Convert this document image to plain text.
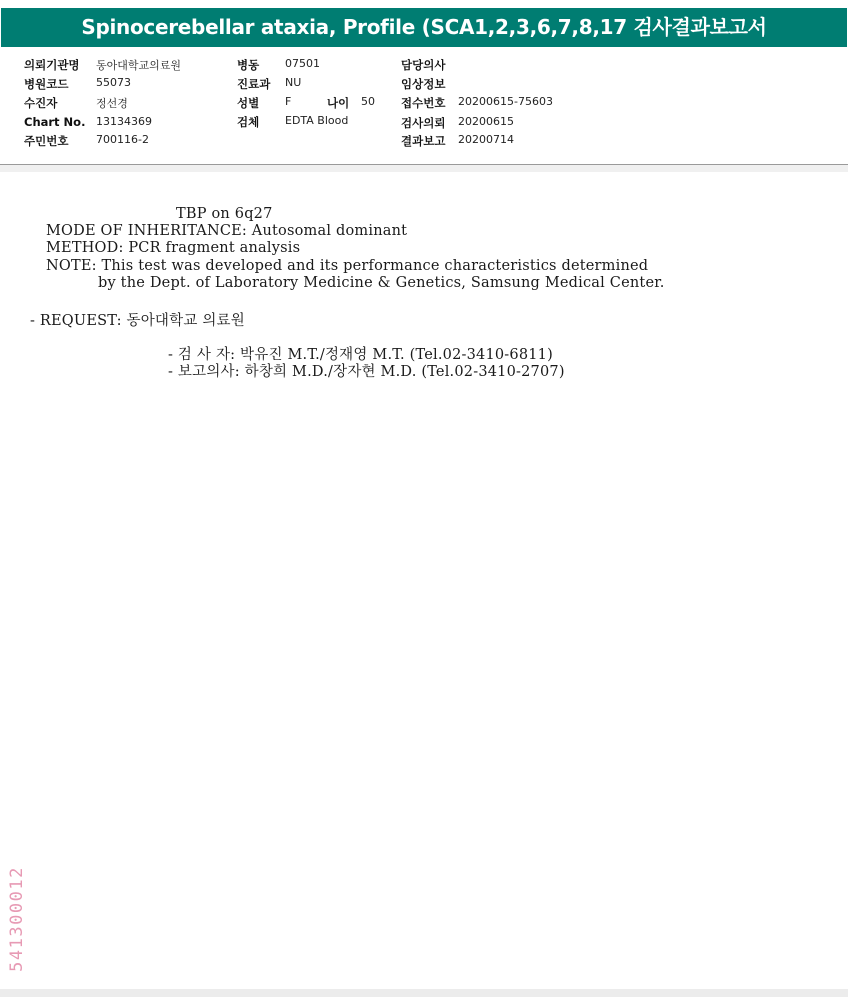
Spinocerebellar ataxia, Profile (SCA1,2,3,6,7,8,17 검사결과보고서
의뢰기관명 동아대학교의료원
병원코드	55073
수진자	정선경
Chart No. 13134369
주민번호	700116-2
병동 07501
진료과 NU
성별 F	나이 50
검체 EDTA Blood
담당의사
임상정보
접수번호 20200615-75603
검사의뢰 20200615
결과보고 20200714
TBP on 6q27
MODE OF INHERITANCE: Autosomal dominant
METHOD: PCR fragment analysis
NOTE: This test was developed and its performance characteristics determined
by the Dept. of Laboratory Medicine & Genetics, Samsung Medical Center.
- REQUEST: 동아대학교 의료원
- 검 사 자: 박유진 M.T./정재영 M.T. (Tel.02-3410-6811)
- 보고의사: 하창희 M.D./장자현 M.D. (Tel.02-3410-2707)
541300012
